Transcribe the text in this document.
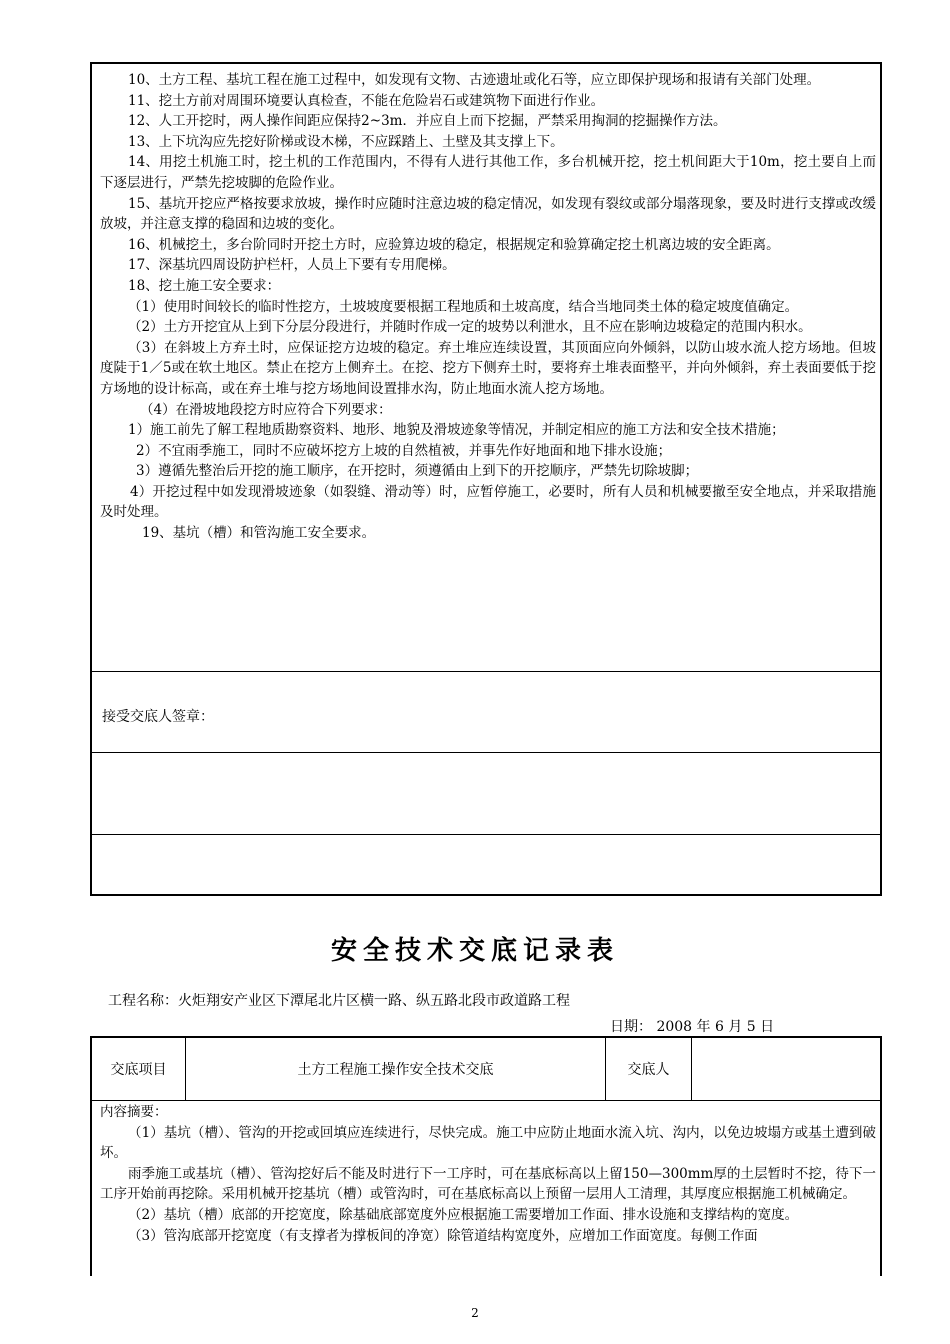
10、土方工程、基坑工程在施工过程中，如发现有文物、古迹遗址或化石等，应立即保护现场和报请有关部门处理。

11、挖土方前对周围环境要认真检查，不能在危险岩石或建筑物下面进行作业。

12、人工开挖时，两人操作间距应保持2~3m．并应自上而下挖掘，严禁采用掏洞的挖掘操作方法。

13、上下坑沟应先挖好阶梯或设木梯，不应踩踏上、土壁及其支撑上下。

14、用挖土机施工时，挖土机的工作范围内，不得有人进行其他工作，多台机械开挖，挖土机间距大于10m，挖土要自上而下逐层进行，严禁先挖坡脚的危险作业。

15、基坑开挖应严格按要求放坡，操作时应随时注意边坡的稳定情况，如发现有裂纹或部分塌落现象，要及时进行支撑或改缓放坡，并注意支撑的稳固和边坡的变化。

16、机械挖土，多台阶同时开挖土方时，应验算边坡的稳定，根据规定和验算确定挖土机离边坡的安全距离。

17、深基坑四周设防护栏杆，人员上下要有专用爬梯。

18、挖土施工安全要求：

（1）使用时间较长的临时性挖方，土坡坡度要根据工程地质和土坡高度，结合当地同类土体的稳定坡度值确定。

（2）土方开挖宜从上到下分层分段进行，并随时作成一定的坡势以利泄水，且不应在影响边坡稳定的范围内积水。

（3）在斜坡上方弃土时，应保证挖方边坡的稳定。弃土堆应连续设置，其顶面应向外倾斜，以防山坡水流人挖方场地。但坡度陡于1／5或在软土地区。禁止在挖方上侧弃土。在挖、挖方下侧弃土时，要将弃土堆表面整平，并向外倾斜，弃土表面要低于挖方场地的设计标高，或在弃土堆与挖方场地间设置排水沟，防止地面水流人挖方场地。

（4）在滑坡地段挖方时应符合下列要求：

1）施工前先了解工程地质勘察资料、地形、地貌及滑坡迹象等情况，并制定相应的施工方法和安全技术措施；

2）不宜雨季施工，同时不应破坏挖方上坡的自然植被，并事先作好地面和地下排水设施；

3）遵循先整治后开挖的施工顺序，在开挖时，须遵循由上到下的开挖顺序，严禁先切除坡脚；

4）开挖过程中如发现滑坡迹象（如裂缝、滑动等）时，应暂停施工，必要时，所有人员和机械要撤至安全地点，并采取措施及时处理。

19、基坑（槽）和管沟施工安全要求。

接受交底人签章：
安全技术交底记录表
工程名称：火炬翔安产业区下潭尾北片区横一路、纵五路北段市政道路工程
日期： 2008 年 6 月 5 日
交底项目	土方工程施工操作安全技术交底	交底人

内容摘要：

（1）基坑（槽）、管沟的开挖或回填应连续进行，尽快完成。施工中应防止地面水流入坑、沟内，以免边坡塌方或基土遭到破坏。

雨季施工或基坑（槽）、管沟挖好后不能及时进行下一工序时，可在基底标高以上留150—300mm厚的土层暂时不挖，待下一工序开始前再挖除。采用机械开挖基坑（槽）或管沟时，可在基底标高以上预留一层用人工清理，其厚度应根据施工机械确定。

（2）基坑（槽）底部的开挖宽度，除基础底部宽度外应根据施工需要增加工作面、排水设施和支撑结构的宽度。

（3）管沟底部开挖宽度（有支撑者为撑板间的净宽）除管道结构宽度外，应增加工作面宽度。每侧工作面

2
